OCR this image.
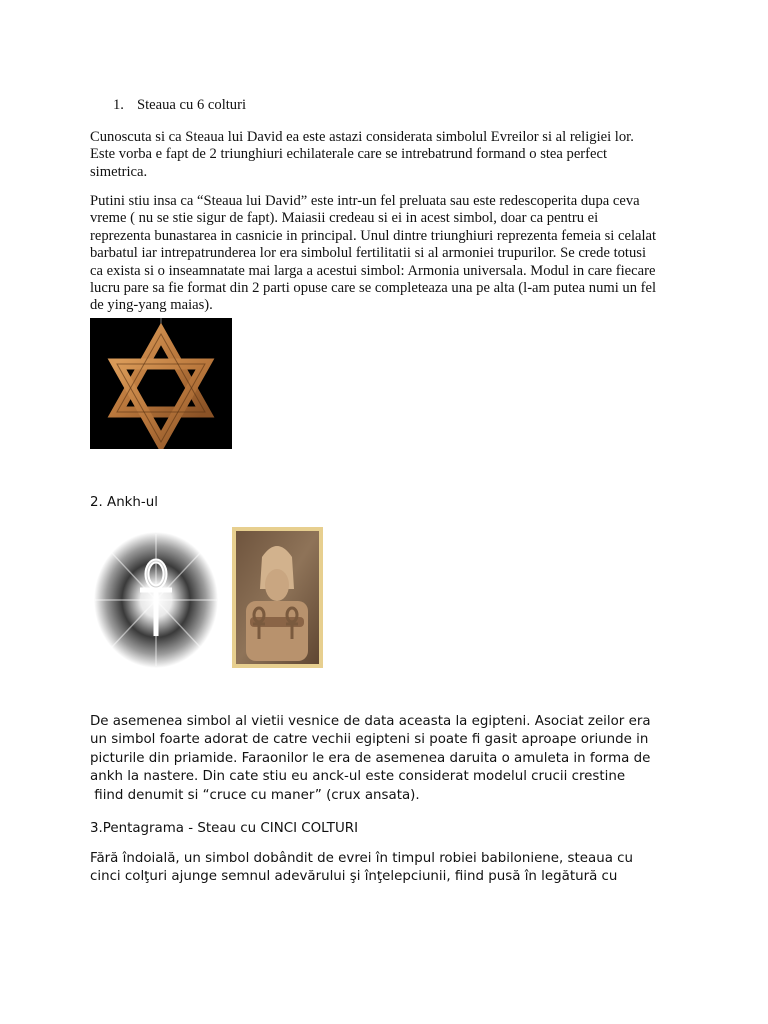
1. Steaua cu 6 colturi
Cunoscuta si ca Steaua lui David ea este astazi considerata simbolul Evreilor si al religiei lor.
Este vorba e fapt de 2 triunghiuri echilaterale care se intrebatrund formand o stea perfect
simetrica.
Putini stiu insa ca “Steaua lui David” este intr-un fel preluata sau este redescoperita dupa ceva
vreme ( nu se stie sigur de fapt). Maiasii credeau si ei in acest simbol, doar ca pentru ei
reprezenta bunastarea in casnicie in principal. Unul dintre triunghiuri reprezenta femeia si celalat
barbatul iar intrepatrunderea lor era simbolul fertilitatii si al armoniei trupurilor. Se crede totusi
ca exista si o inseamnatate mai larga a acestui simbol: Armonia universala. Modul in care fiecare
lucru pare sa fie format din 2 parti opuse care se completeaza una pe alta (l-am putea numi un fel
de ying-yang maias).
2. Ankh-ul
De asemenea simbol al vietii vesnice de data aceasta la egipteni. Asociat zeilor era
un simbol foarte adorat de catre vechii egipteni si poate fi gasit aproape oriunde in
picturile din priamide. Faraonilor le era de asemenea daruita o amuleta in forma de
ankh la nastere. Din cate stiu eu anck-ul este considerat modelul crucii crestine
fiind denumit si “cruce cu maner” (crux ansata).
3.Pentagrama - Steau cu CINCI COLTURI
Fără îndoială, un simbol dobândit de evrei în timpul robiei babiloniene, steaua cu
cinci colţuri ajunge semnul adevărului şi înţelepciunii, fiind pusă în legătură cu
